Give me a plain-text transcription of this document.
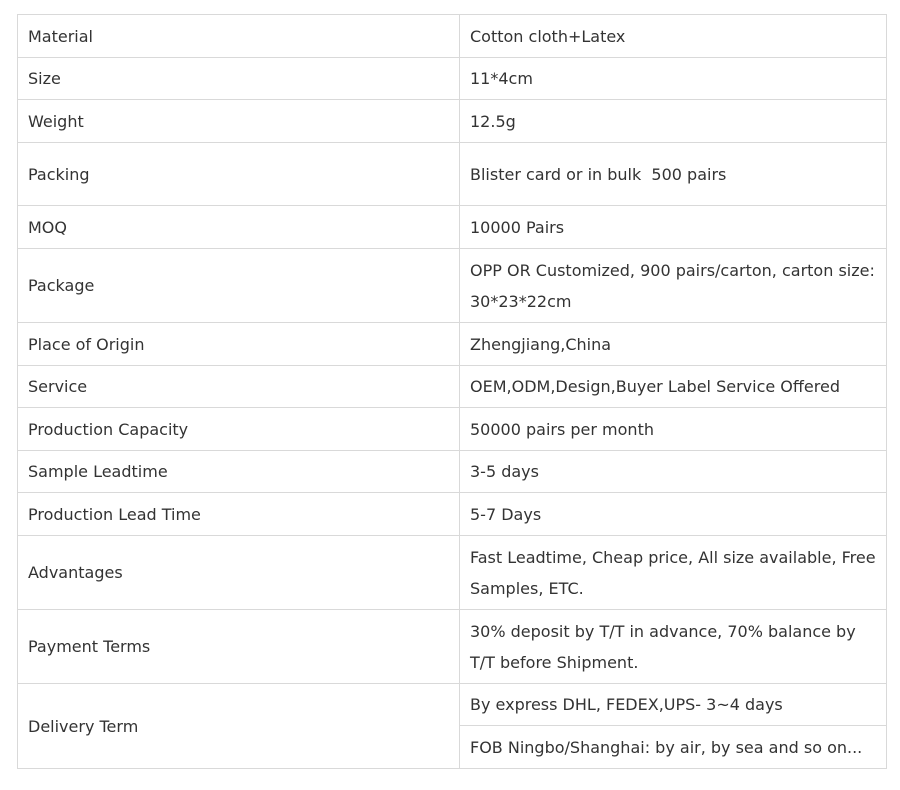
Material	Cotton cloth+Latex
Size	11*4cm
Weight	12.5g
Packing	Blister card or in bulk  500 pairs
MOQ	10000 Pairs
Package	OPP OR Customized, 900 pairs/carton, carton size: 30*23*22cm
Place of Origin	Zhengjiang,China
Service	OEM,ODM,Design,Buyer Label Service Offered
Production Capacity	50000 pairs per month
Sample Leadtime	3-5 days
Production Lead Time	5-7 Days
Advantages	Fast Leadtime, Cheap price, All size available, Free Samples, ETC.
Payment Terms	30% deposit by T/T in advance, 70% balance by T/T before Shipment.
Delivery Term	By express DHL, FEDEX,UPS- 3~4 days
	FOB Ningbo/Shanghai: by air, by sea and so on...
